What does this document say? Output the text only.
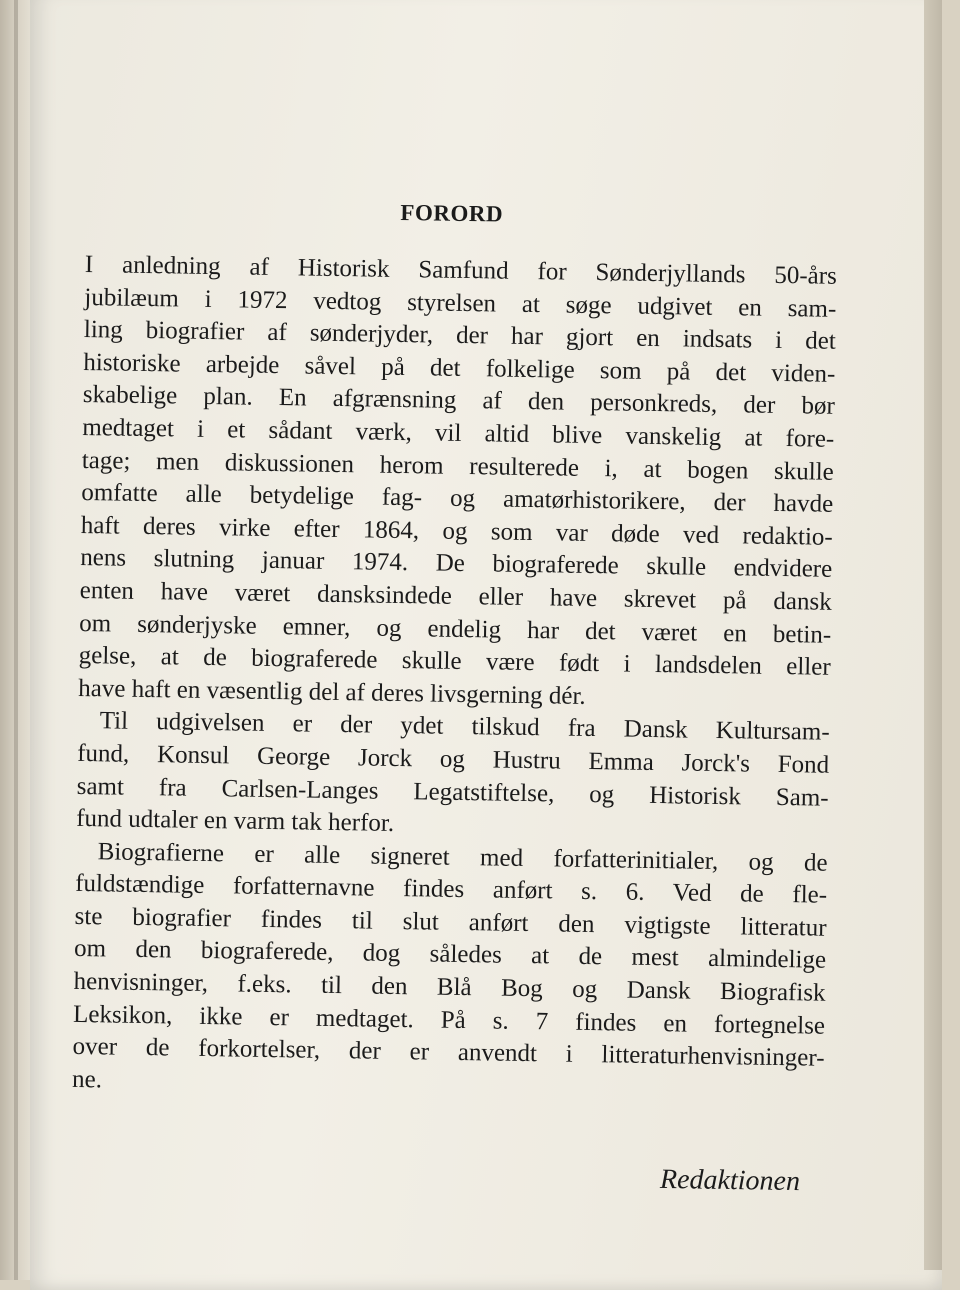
FORORD
I anledning af Historisk Samfund for Sønderjyllands 50-års
jubilæum i 1972 vedtog styrelsen at søge udgivet en sam-
ling biografier af sønderjyder, der har gjort en indsats i det
historiske arbejde såvel på det folkelige som på det viden-
skabelige plan. En afgrænsning af den personkreds, der bør
medtaget i et sådant værk, vil altid blive vanskelig at fore-
tage; men diskussionen herom resulterede i, at bogen skulle
omfatte alle betydelige fag- og amatørhistorikere, der havde
haft deres virke efter 1864, og som var døde ved redaktio-
nens slutning januar 1974. De biograferede skulle endvidere
enten have været dansksindede eller have skrevet på dansk
om sønderjyske emner, og endelig har det været en betin-
gelse, at de biograferede skulle være født i landsdelen eller
have haft en væsentlig del af deres livsgerning dér.
Til udgivelsen er der ydet tilskud fra Dansk Kultursam-
fund, Konsul George Jorck og Hustru Emma Jorck's Fond
samt fra Carlsen-Langes Legatstiftelse, og Historisk Sam-
fund udtaler en varm tak herfor.
Biografierne er alle signeret med forfatterinitialer, og de
fuldstændige forfatternavne findes anført s. 6. Ved de fle-
ste biografier findes til slut anført den vigtigste litteratur
om den biograferede, dog således at de mest almindelige
henvisninger, f.eks. til den Blå Bog og Dansk Biografisk
Leksikon, ikke er medtaget. På s. 7 findes en fortegnelse
over de forkortelser, der er anvendt i litteraturhenvisninger-
ne.
Redaktionen
